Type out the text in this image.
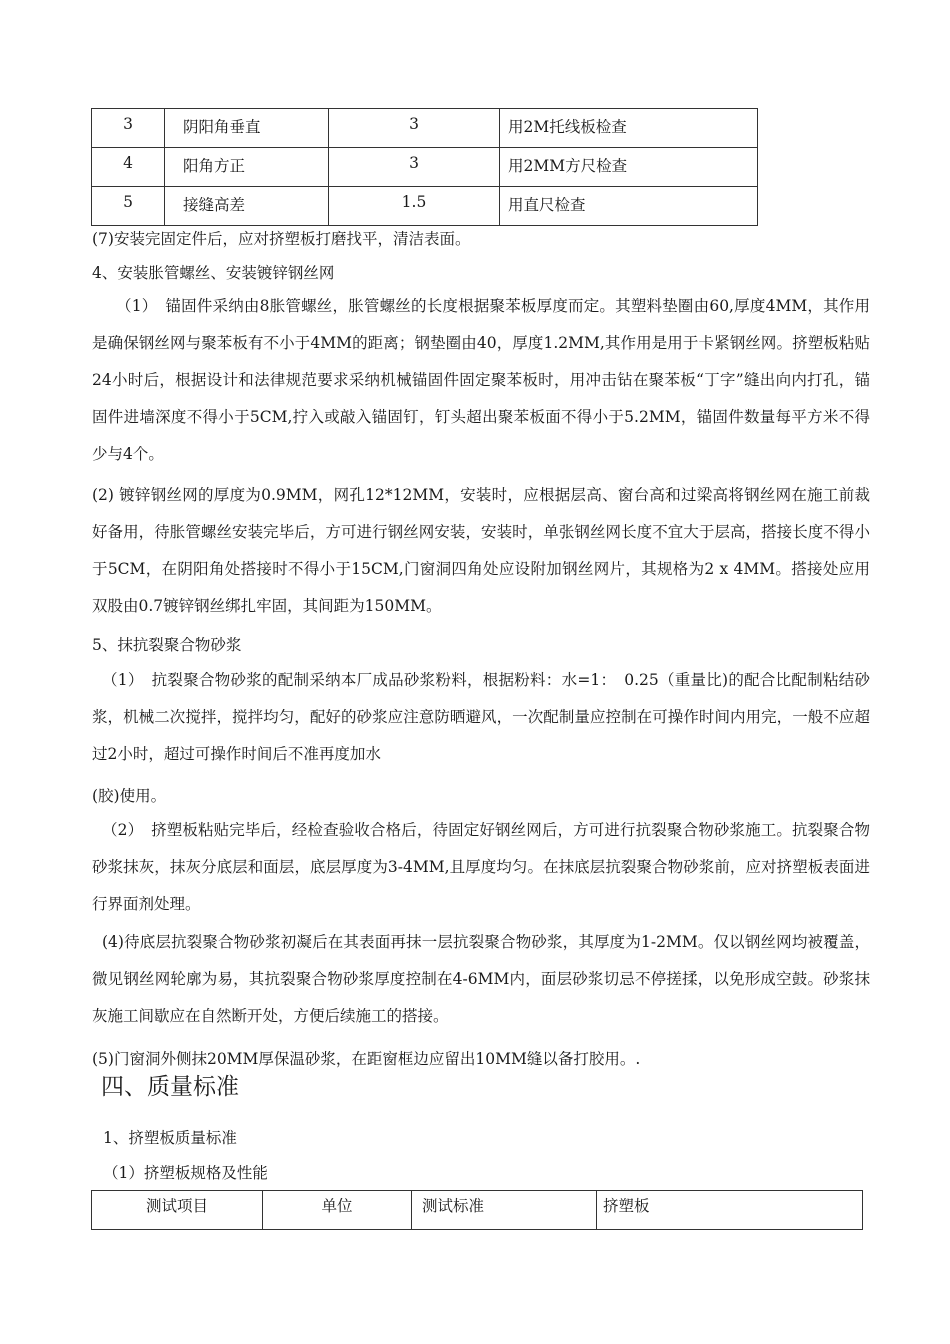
3	阴阳角垂直	3	用2M托线板检查

4	阳角方正	3	用2MM方尺检查

5	接缝高差	1.5	用直尺检查
(7)安装完固定件后，应对挤塑板打磨找平，清洁表面。
4、安装胀管螺丝、安装镀锌钢丝网
（1）　锚固件采纳由8胀管螺丝，胀管螺丝的长度根据聚苯板厚度而定。其塑料垫圈由60,厚度4MM，其作用是确保钢丝网与聚苯板有不小于4MM的距离；钢垫圈由40，厚度1.2MM,其作用是用于卡紧钢丝网。挤塑板粘贴24小时后，根据设计和法律规范要求采纳机械锚固件固定聚苯板时，用冲击钻在聚苯板“丁字”缝出向内打孔，锚固件进墙深度不得小于5CM,拧入或敲入锚固钉，钉头超出聚苯板面不得小于5.2MM，锚固件数量每平方米不得少与4个。
(2) 镀锌钢丝网的厚度为0.9MM，网孔12*12MM，安装时，应根据层高、窗台高和过梁高将钢丝网在施工前裁好备用，待胀管螺丝安装完毕后，方可进行钢丝网安装，安装时，单张钢丝网长度不宜大于层高，搭接长度不得小于5CM，在阴阳角处搭接时不得小于15CM,门窗洞四角处应设附加钢丝网片，其规格为2 x 4MM。搭接处应用双股由0.7镀锌钢丝绑扎牢固，其间距为150MM。
5、抹抗裂聚合物砂浆
（1）　抗裂聚合物砂浆的配制采纳本厂成品砂浆粉料，根据粉料：水=1：　0.25（重量比)的配合比配制粘结砂浆，机械二次搅拌，搅拌均匀，配好的砂浆应注意防晒避风，一次配制量应控制在可操作时间内用完，一般不应超过2小时，超过可操作时间后不准再度加水
(胶)使用。
（2）　挤塑板粘贴完毕后，经检查验收合格后，待固定好钢丝网后，方可进行抗裂聚合物砂浆施工。抗裂聚合物砂浆抹灰，抹灰分底层和面层，底层厚度为3-4MM,且厚度均匀。在抹底层抗裂聚合物砂浆前，应对挤塑板表面进行界面剂处理。
(4)待底层抗裂聚合物砂浆初凝后在其表面再抹一层抗裂聚合物砂浆，其厚度为1-2MM。仅以钢丝网均被覆盖，微见钢丝网轮廓为易，其抗裂聚合物砂浆厚度控制在4-6MM内，面层砂浆切忌不停搓揉，以免形成空鼓。砂浆抹灰施工间歇应在自然断开处，方便后续施工的搭接。
(5)门窗洞外侧抹20MM厚保温砂浆，在距窗框边应留出10MM缝以备打胶用。.
四、质量标准
1、挤塑板质量标准
（1）挤塑板规格及性能
测试项目	单位	测试标准	挤塑板
